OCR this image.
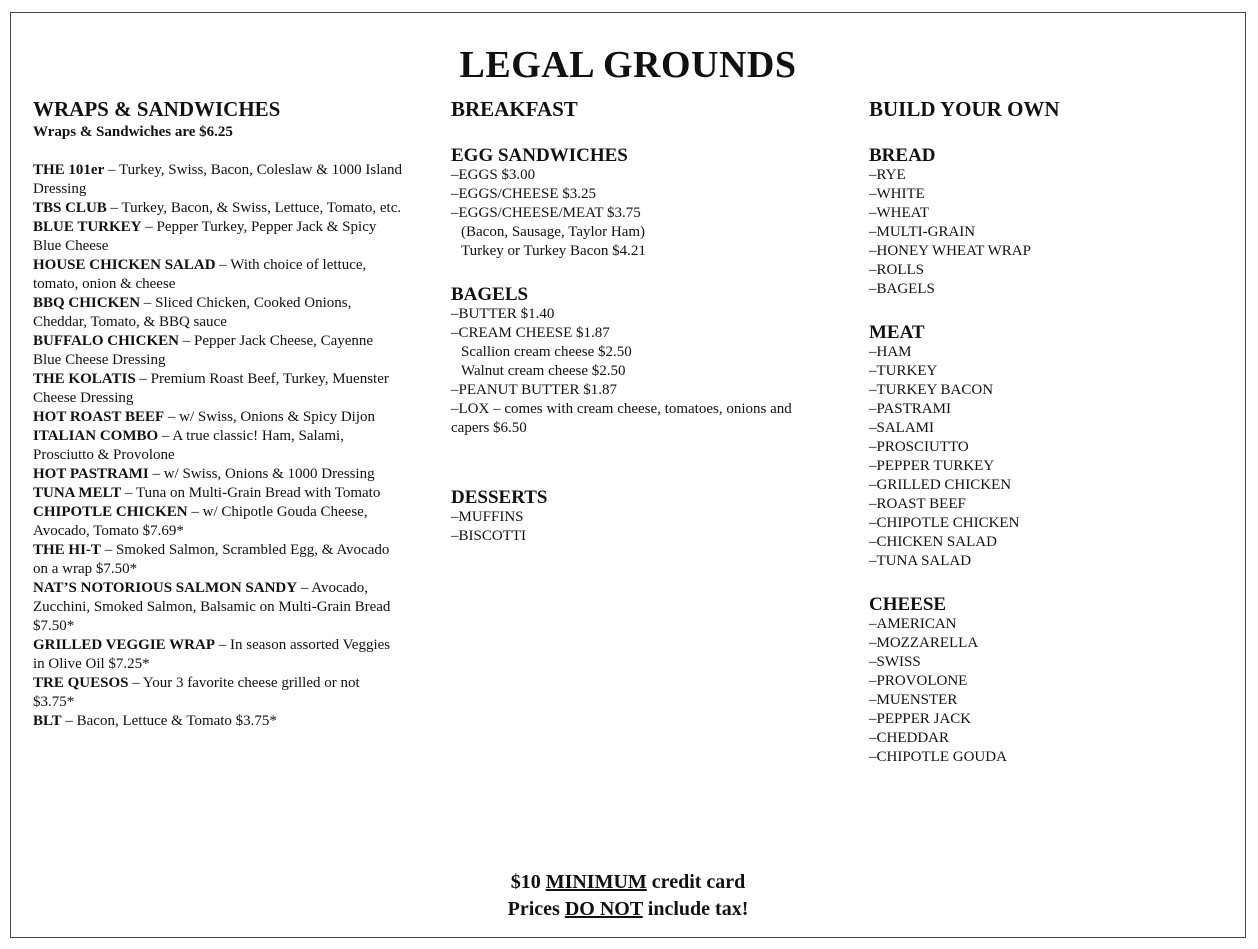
LEGAL GROUNDS
WRAPS & SANDWICHES
Wraps & Sandwiches are $6.25
THE 101er – Turkey, Swiss, Bacon, Coleslaw & 1000 Island Dressing
TBS CLUB – Turkey, Bacon, & Swiss, Lettuce, Tomato, etc.
BLUE TURKEY – Pepper Turkey, Pepper Jack & Spicy Blue Cheese
HOUSE CHICKEN SALAD – With choice of lettuce, tomato, onion & cheese
BBQ CHICKEN – Sliced Chicken, Cooked Onions, Cheddar, Tomato, & BBQ sauce
BUFFALO CHICKEN – Pepper Jack Cheese, Cayenne Blue Cheese Dressing
THE KOLATIS – Premium Roast Beef, Turkey, Muenster Cheese Dressing
HOT ROAST BEEF – w/ Swiss, Onions & Spicy Dijon
ITALIAN COMBO – A true classic! Ham, Salami, Prosciutto & Provolone
HOT PASTRAMI – w/ Swiss, Onions & 1000 Dressing
TUNA MELT – Tuna on Multi-Grain Bread with Tomato
CHIPOTLE CHICKEN – w/ Chipotle Gouda Cheese, Avocado, Tomato $7.69*
THE HI-T – Smoked Salmon, Scrambled Egg, & Avocado on a wrap $7.50*
NAT’S NOTORIOUS SALMON SANDY – Avocado, Zucchini, Smoked Salmon, Balsamic on Multi-Grain Bread $7.50*
GRILLED VEGGIE WRAP – In season assorted Veggies in Olive Oil $7.25*
TRE QUESOS – Your 3 favorite cheese grilled or not $3.75*
BLT – Bacon, Lettuce & Tomato $3.75*
BREAKFAST
EGG SANDWICHES
–EGGS $3.00
–EGGS/CHEESE $3.25
–EGGS/CHEESE/MEAT $3.75
(Bacon, Sausage, Taylor Ham)
Turkey or Turkey Bacon $4.21
BAGELS
–BUTTER $1.40
–CREAM CHEESE $1.87
Scallion cream cheese $2.50
Walnut cream cheese $2.50
–PEANUT BUTTER $1.87
–LOX – comes with cream cheese, tomatoes, onions and capers $6.50
DESSERTS
–MUFFINS
–BISCOTTI
BUILD YOUR OWN
BREAD
–RYE
–WHITE
–WHEAT
–MULTI-GRAIN
–HONEY WHEAT WRAP
–ROLLS
–BAGELS
MEAT
–HAM
–TURKEY
–TURKEY BACON
–PASTRAMI
–SALAMI
–PROSCIUTTO
–PEPPER TURKEY
–GRILLED CHICKEN
–ROAST BEEF
–CHIPOTLE CHICKEN
–CHICKEN SALAD
–TUNA SALAD
CHEESE
–AMERICAN
–MOZZARELLA
–SWISS
–PROVOLONE
–MUENSTER
–PEPPER JACK
–CHEDDAR
–CHIPOTLE GOUDA
$10 MINIMUM credit card
Prices DO NOT include tax!
